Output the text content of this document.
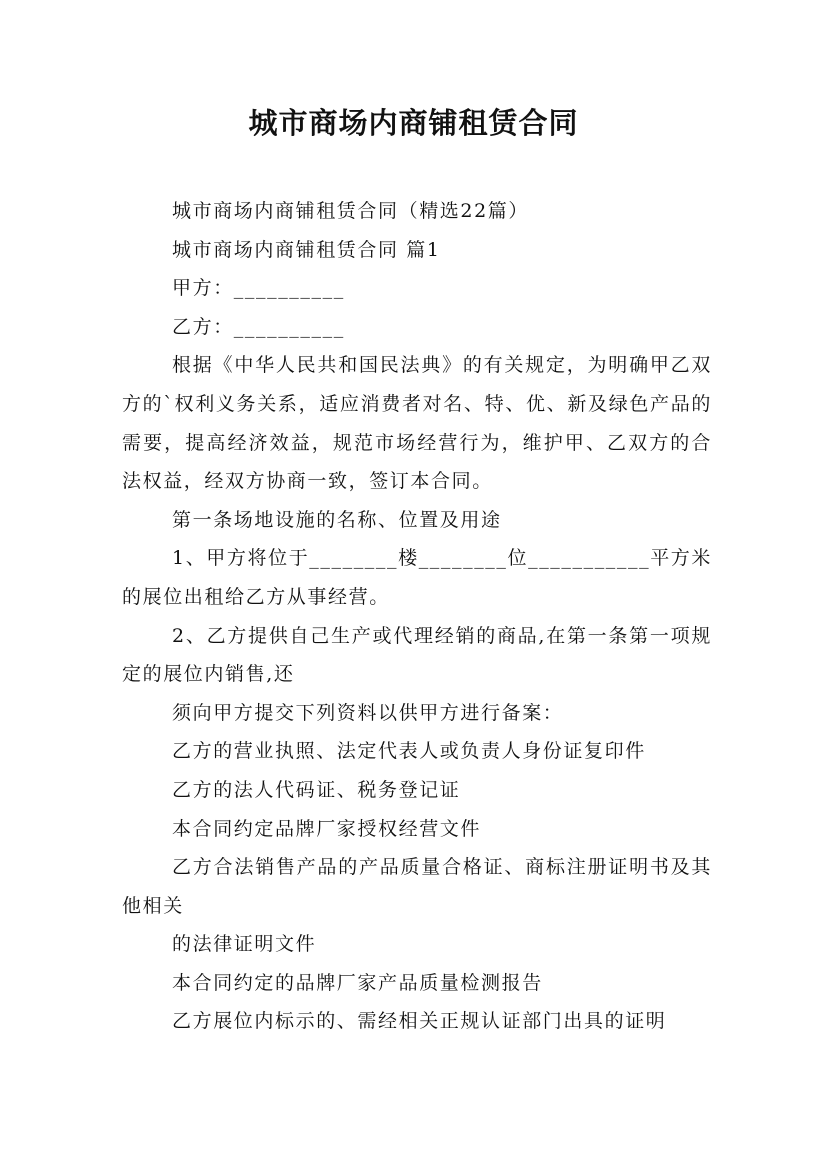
城市商场内商铺租赁合同

城市商场内商铺租赁合同（精选22篇）

城市商场内商铺租赁合同 篇1

甲方：__________

乙方：__________

根据《中华人民共和国民法典》的有关规定，为明确甲乙双方的`权利义务关系，适应消费者对名、特、优、新及绿色产品的需要，提高经济效益，规范市场经营行为，维护甲、乙双方的合法权益，经双方协商一致，签订本合同。

第一条场地设施的名称、位置及用途

1、甲方将位于________楼________位___________平方米的展位出租给乙方从事经营。

2、乙方提供自己生产或代理经销的商品,在第一条第一项规定的展位内销售,还

须向甲方提交下列资料以供甲方进行备案：

乙方的营业执照、法定代表人或负责人身份证复印件

乙方的法人代码证、税务登记证

本合同约定品牌厂家授权经营文件

乙方合法销售产品的产品质量合格证、商标注册证明书及其他相关

的法律证明文件

本合同约定的品牌厂家产品质量检测报告

乙方展位内标示的、需经相关正规认证部门出具的证明
